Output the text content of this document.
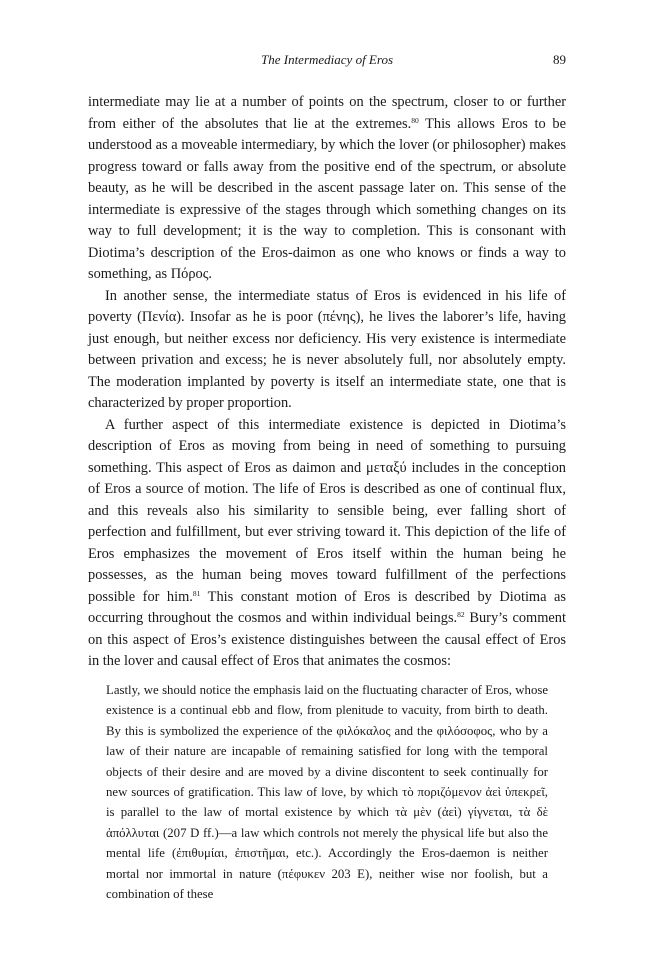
The Intermediacy of Eros	89

intermediate may lie at a number of points on the spectrum, closer to or further from either of the absolutes that lie at the extremes.$^{80}$ This allows Eros to be understood as a moveable intermediary, by which the lover (or philosopher) makes progress toward or falls away from the positive end of the spectrum, or absolute beauty, as he will be described in the ascent passage later on. This sense of the intermediate is expressive of the stages through which something changes on its way to full development; it is the way to completion. This is consonant with Diotima’s description of the Eros-daimon as one who knows or finds a way to something, as Πόρος.

In another sense, the intermediate status of Eros is evidenced in his life of poverty (Πενία). Insofar as he is poor (πένης), he lives the laborer’s life, having just enough, but neither excess nor deficiency. His very existence is intermediate between privation and excess; he is never absolutely full, nor absolutely empty. The moderation implanted by poverty is itself an intermediate state, one that is characterized by proper proportion.

A further aspect of this intermediate existence is depicted in Diotima’s description of Eros as moving from being in need of something to pursuing something. This aspect of Eros as daimon and μεταξύ includes in the conception of Eros a source of motion. The life of Eros is described as one of continual flux, and this reveals also his similarity to sensible being, ever falling short of perfection and fulfillment, but ever striving toward it. This depiction of the life of Eros emphasizes the movement of Eros itself within the human being he possesses, as the human being moves toward fulfillment of the perfections possible for him.$^{81}$ This constant motion of Eros is described by Diotima as occurring throughout the cosmos and within individual beings.$^{82}$ Bury’s comment on this aspect of Eros’s existence distinguishes between the causal effect of Eros in the lover and causal effect of Eros that animates the cosmos:

Lastly, we should notice the emphasis laid on the fluctuating character of Eros, whose existence is a continual ebb and flow, from plenitude to vacuity, from birth to death. By this is symbolized the experience of the φιλόκαλος and the φιλόσοφος, who by a law of their nature are incapable of remaining satisfied for long with the temporal objects of their desire and are moved by a divine discontent to seek continually for new sources of gratification. This law of love, by which τὸ ποριζόμενον ἀεὶ ὑπεκρεῖ, is parallel to the law of mortal existence by which τὰ μὲν (ἀεὶ) γίγνεται, τὰ δὲ ἀπόλλυται (207 D ff.)—a law which controls not merely the physical life but also the mental life (ἐπιθυμίαι, ἐπιστῆμαι, etc.). Accordingly the Eros-daemon is neither mortal nor immortal in nature (πέφυκεν 203 E), neither wise nor foolish, but a combination of these
